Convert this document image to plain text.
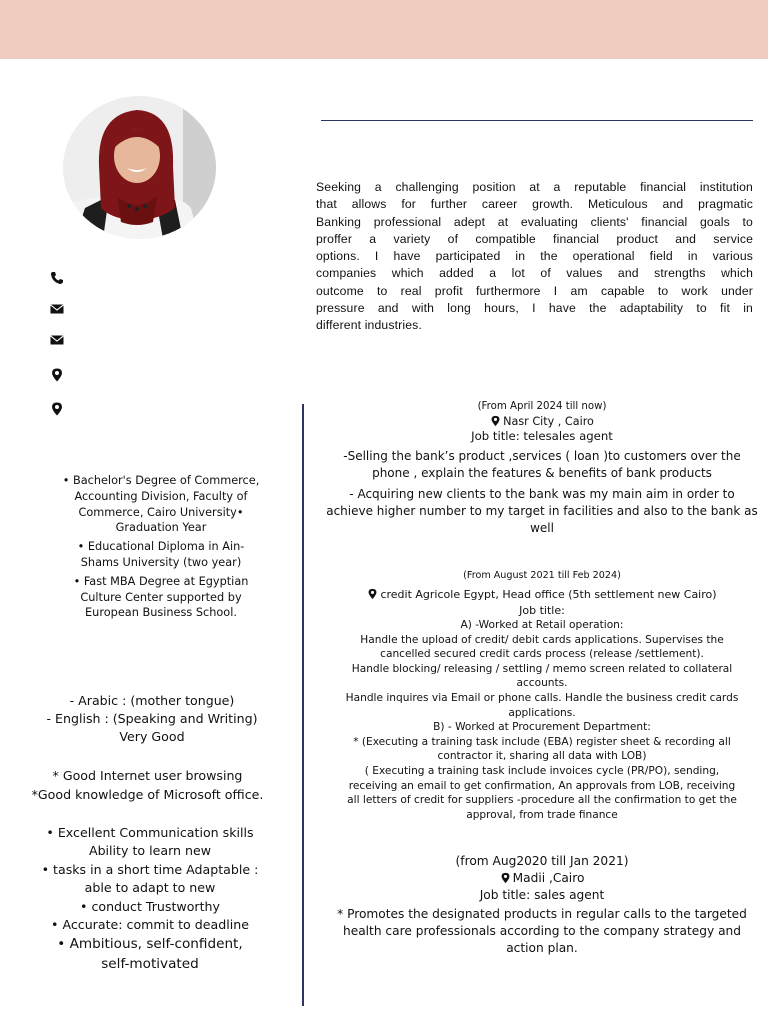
Seeking a challenging position at a reputable financial institution
that allows for further career growth. Meticulous and pragmatic
Banking professional adept at evaluating clients' financial goals to
proffer a variety of compatible financial product and service
options. I have participated in the operational field in various
companies which added a lot of values and strengths which
outcome to real profit furthermore I am capable to work under
pressure and with long hours, I have the adaptability to fit in
different industries.
• Bachelor's Degree of Commerce,
Accounting Division, Faculty of
Commerce, Cairo University•
Graduation Year
• Educational Diploma in Ain-
Shams University (two year)
• Fast MBA Degree at Egyptian
Culture Center supported by
European Business School.
- Arabic : (mother tongue)
- English : (Speaking and Writing)
Very Good
* Good Internet user browsing
*Good knowledge of Microsoft office.
• Excellent Communication skills
Ability to learn new
• tasks in a short time Adaptable :
able to adapt to new
• conduct Trustworthy
• Accurate: commit to deadline
• Ambitious, self-confident,
self-motivated

(From April 2024 till now)

Nasr City , Cairo

Job title: telesales agent

-Selling the bank’s product ,services ( loan )to customers over the

phone , explain the features & benefits of bank products

- Acquiring new clients to the bank was my main aim in order to

achieve higher number to my target in facilities and also to the bank as

well

(From August 2021 till Feb 2024)

credit Agricole Egypt, Head office (5th settlement new Cairo)

Job title:

A) -Worked at Retail operation:

Handle the upload of credit/ debit cards applications. Supervises the

cancelled secured credit cards process (release /settlement).

Handle blocking/ releasing / settling / memo screen related to collateral

accounts.

Handle inquires via Email or phone calls. Handle the business credit cards

applications.

B) - Worked at Procurement Department:

* (Executing a training task include (EBA) register sheet & recording all

contractor it, sharing all data with LOB)

( Executing a training task include invoices cycle (PR/PO), sending,

receiving an email to get confirmation, An approvals from LOB, receiving

all letters of credit for suppliers -procedure all the confirmation to get the

approval, from trade finance

(from Aug2020 till Jan 2021)

Madii ,Cairo

Job title: sales agent

* Promotes the designated products in regular calls to the targeted

health care professionals according to the company strategy and

action plan.
